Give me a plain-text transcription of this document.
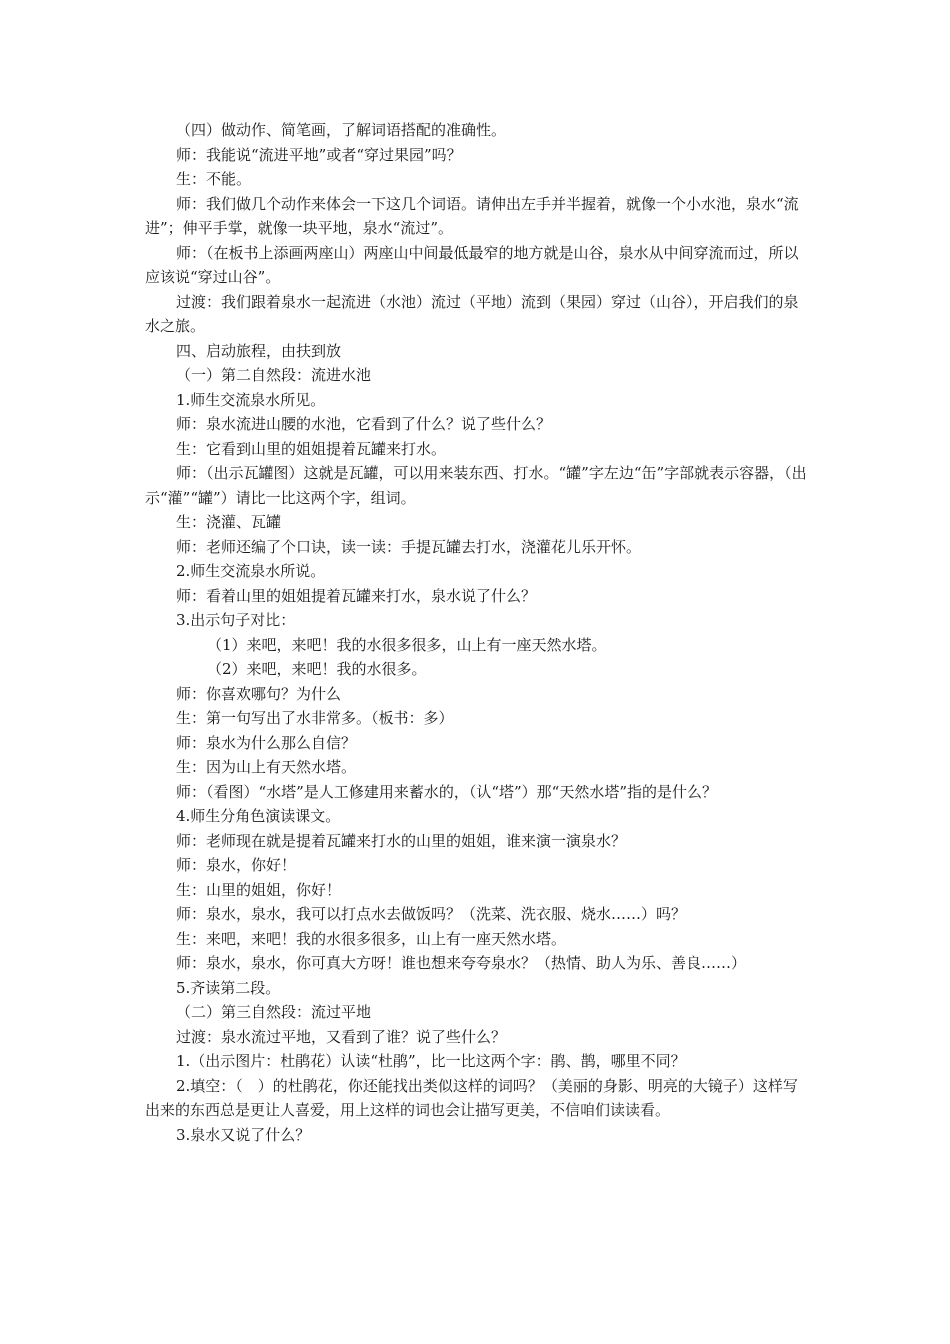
（四）做动作、简笔画，了解词语搭配的准确性。

师：我能说“流进平地”或者“穿过果园”吗？

生：不能。

师：我们做几个动作来体会一下这几个词语。请伸出左手并半握着，就像一个小水池，泉水“流进”；伸平手掌，就像一块平地，泉水“流过”。

师：（在板书上添画两座山）两座山中间最低最窄的地方就是山谷，泉水从中间穿流而过，所以应该说“穿过山谷”。

过渡：我们跟着泉水一起流进（水池）流过（平地）流到（果园）穿过（山谷），开启我们的泉水之旅。

四、启动旅程，由扶到放

（一）第二自然段：流进水池

1.师生交流泉水所见。

师：泉水流进山腰的水池，它看到了什么？说了些什么？

生：它看到山里的姐姐提着瓦罐来打水。

师：（出示瓦罐图）这就是瓦罐，可以用来装东西、打水。“罐”字左边“缶”字部就表示容器，（出示“灌”“罐”）请比一比这两个字，组词。

生：浇灌、瓦罐

师：老师还编了个口诀，读一读：手提瓦罐去打水，浇灌花儿乐开怀。

2.师生交流泉水所说。

师：看着山里的姐姐提着瓦罐来打水，泉水说了什么？

3.出示句子对比：

（1）来吧，来吧！我的水很多很多，山上有一座天然水塔。

（2）来吧，来吧！我的水很多。

师：你喜欢哪句？为什么

生：第一句写出了水非常多。（板书：多）

师：泉水为什么那么自信？

生：因为山上有天然水塔。

师：（看图）“水塔”是人工修建用来蓄水的，（认“塔”）那“天然水塔”指的是什么？

4.师生分角色演读课文。

师：老师现在就是提着瓦罐来打水的山里的姐姐，谁来演一演泉水？

师：泉水，你好！

生：山里的姐姐，你好！

师：泉水，泉水，我可以打点水去做饭吗？（洗菜、洗衣服、烧水……）吗？

生：来吧，来吧！我的水很多很多，山上有一座天然水塔。

师：泉水，泉水，你可真大方呀！谁也想来夸夸泉水？（热情、助人为乐、善良……）

5.齐读第二段。

（二）第三自然段：流过平地

过渡：泉水流过平地，又看到了谁？说了些什么？

1.（出示图片：杜鹃花）认读“杜鹃”，比一比这两个字：鹃、鹊，哪里不同？

2.填空：（　）的杜鹃花，你还能找出类似这样的词吗？（美丽的身影、明亮的大镜子）这样写出来的东西总是更让人喜爱，用上这样的词也会让描写更美，不信咱们读读看。

3.泉水又说了什么？
